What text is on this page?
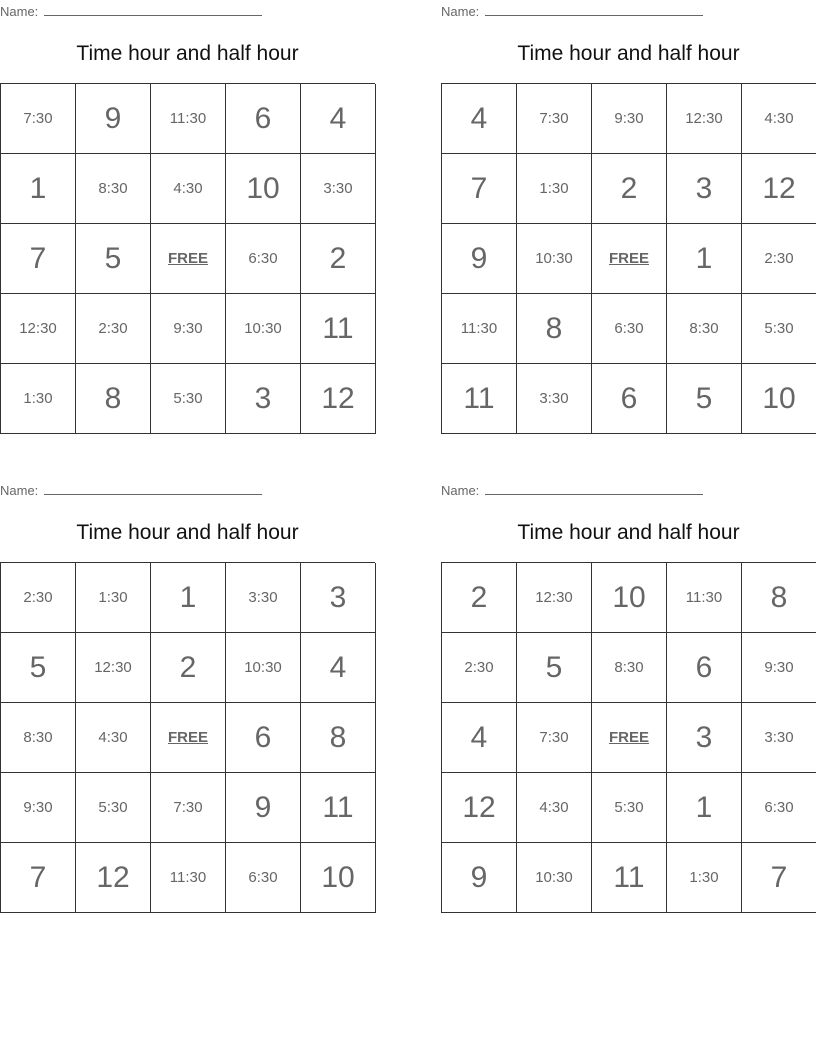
Name:
Time hour and half hour
7:30	9	11:30	6	4
1	8:30	4:30	10	3:30
7	5	FREE	6:30	2
12:30	2:30	9:30	10:30	11
1:30	8	5:30	3	12
Name:
Time hour and half hour
4	7:30	9:30	12:30	4:30
7	1:30	2	3	12
9	10:30	FREE	1	2:30
11:30	8	6:30	8:30	5:30
11	3:30	6	5	10
Name:
Time hour and half hour
2:30	1:30	1	3:30	3
5	12:30	2	10:30	4
8:30	4:30	FREE	6	8
9:30	5:30	7:30	9	11
7	12	11:30	6:30	10
Name:
Time hour and half hour
2	12:30	10	11:30	8
2:30	5	8:30	6	9:30
4	7:30	FREE	3	3:30
12	4:30	5:30	1	6:30
9	10:30	11	1:30	7
